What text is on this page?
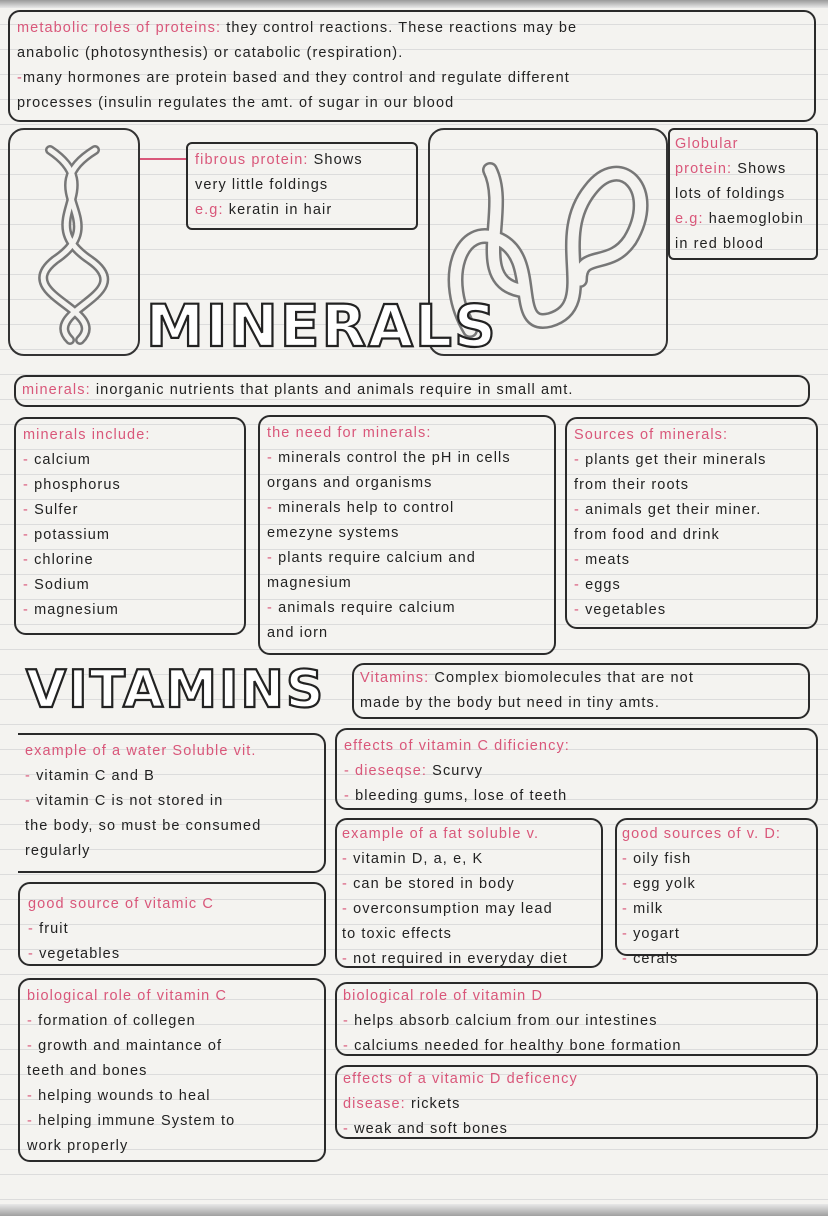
metabolic roles of proteins: they control reactions. These reactions may be
anabolic (photosynthesis) or catabolic (respiration).
-many hormones are protein based and they control and regulate different
processes (insulin regulates the amt. of sugar in our blood
fibrous protein: Shows
very little foldings
e.g: keratin in hair
Globular
protein: Shows
lots of foldings
e.g: haemoglobin
in red blood
MINERALS
minerals: inorganic nutrients that plants and animals require in small amt.
minerals include:
- calcium
- phosphorus
- Sulfer
- potassium
- chlorine
- Sodium
- magnesium
the need for minerals:
- minerals control the pH in cells
organs and organisms
- minerals help to control
emezyne systems
- plants require calcium and
magnesium
- animals require calcium
and iorn
Sources of minerals:
- plants get their minerals
from their roots
- animals get their miner.
from food and drink
- meats
- eggs
- vegetables
VITAMINS Vitamins: Complex biomolecules that are not
made by the body but need in tiny amts.
example of a water Soluble vit.
- vitamin C and B
- vitamin C is not stored in
the body, so must be consumed
regularly
effects of vitamin C dificiency:
- dieseqse: Scurvy
- bleeding gums, lose of teeth
example of a fat soluble v.
- vitamin D, a, e, K
- can be stored in body
- overconsumption may lead
to toxic effects
- not required in everyday diet
good sources of v. D:
- oily fish
- egg yolk
- milk
- yogart
- cerals
good source of vitamic C
- fruit
- vegetables
biological role of vitamin C
- formation of collegen
- growth and maintance of
teeth and bones
- helping wounds to heal
- helping immune System to
work properly
biological role of vitamin D
- helps absorb calcium from our intestines
- calciums needed for healthy bone formation
effects of a vitamic D deficency
disease: rickets
- weak and soft bones
